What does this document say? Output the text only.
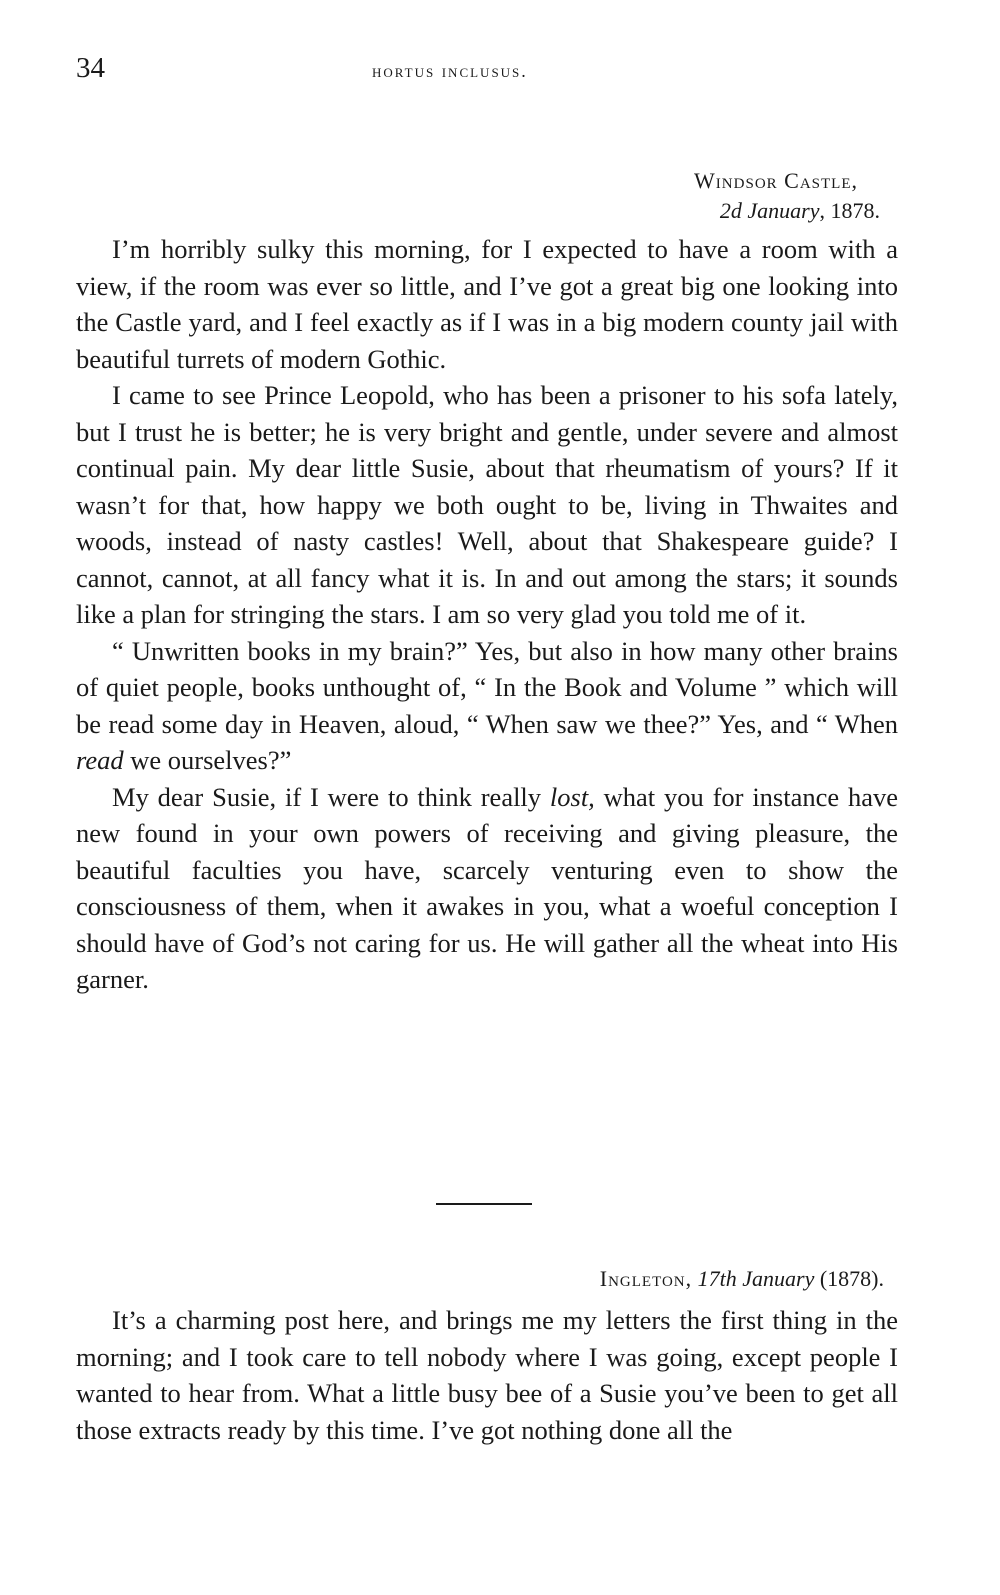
34	hortus inclusus.
Windsor Castle,
2d January, 1878.

I’m horribly sulky this morning, for I expected to have a room with a view, if the room was ever so little, and I’ve got a great big one looking into the Castle yard, and I feel exactly as if I was in a big modern county jail with beautiful turrets of modern Gothic.

I came to see Prince Leopold, who has been a prisoner to his sofa lately, but I trust he is better; he is very bright and gentle, under severe and almost continual pain. My dear little Susie, about that rheumatism of yours? If it wasn’t for that, how happy we both ought to be, living in Thwaites and woods, instead of nasty castles! Well, about that Shakespeare guide? I cannot, cannot, at all fancy what it is. In and out among the stars; it sounds like a plan for stringing the stars. I am so very glad you told me of it.

“ Unwritten books in my brain?” Yes, but also in how many other brains of quiet people, books unthought of, “ In the Book and Volume ” which will be read some day in Heaven, aloud, “ When saw we thee?” Yes, and “ When read we ourselves?”

My dear Susie, if I were to think really lost, what you for instance have new found in your own powers of receiving and giving pleasure, the beautiful faculties you have, scarcely venturing even to show the consciousness of them, when it awakes in you, what a woeful conception I should have of God’s not caring for us. He will gather all the wheat into His garner.

Ingleton, 17th January (1878).

It’s a charming post here, and brings me my letters the first thing in the morning; and I took care to tell nobody where I was going, except people I wanted to hear from. What a little busy bee of a Susie you’ve been to get all those extracts ready by this time. I’ve got nothing done all the
